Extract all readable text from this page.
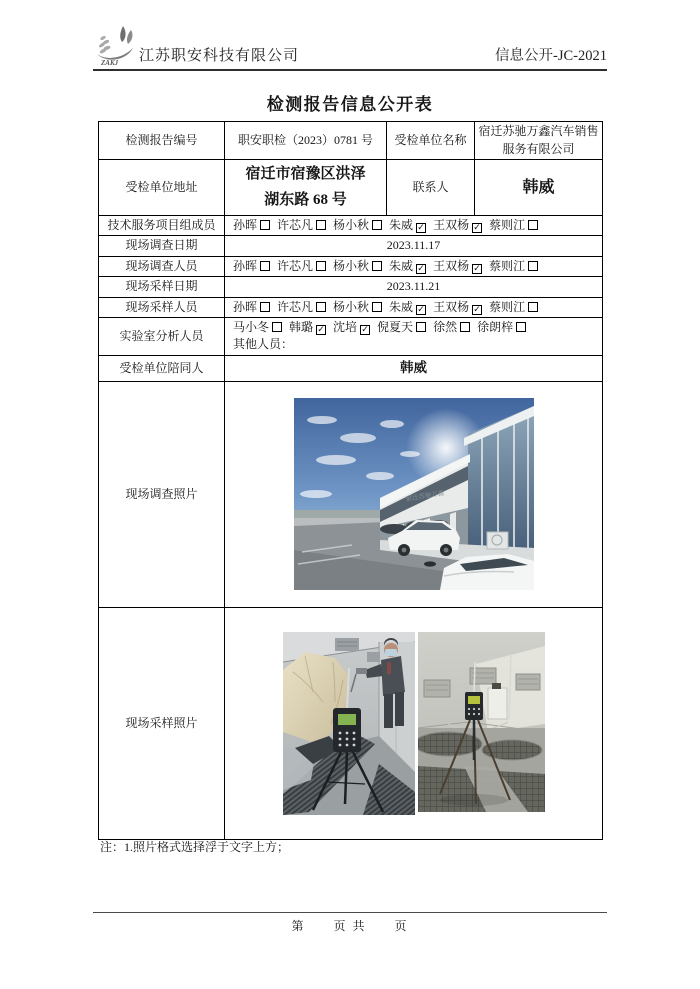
ZAKJ 江苏职安科技有限公司	信息公开-JC-2021
检测报告信息公开表
检测报告编号	职安职检（2023）0781 号	受检单位名称	宿迁苏驰万鑫汽车销售服务有限公司
受检单位地址	宿迁市宿豫区洪泽湖东路 68 号	联系人	韩威
技术服务项目组成员	孙晖 许芯凡 杨小秋 朱威 ✓ 王双杨 ✓ 蔡则江		
现场调查日期	2023.11.17		
现场调查人员	孙晖 许芯凡 杨小秋 朱威 ✓ 王双杨 ✓ 蔡则江		
现场采样日期	2023.11.21		
现场采样人员	孙晖 许芯凡 杨小秋 朱威 ✓ 王双杨 ✓ 蔡则江		
实验室分析人员	马小冬 韩璐 ✓ 沈培 ✓ 倪夏天 徐然 徐朗梓
其他人员：		

受检单位陪同人	韩威		
现场调查照片	宿迁苏驰万鑫		

现场采样照片	
注：1.照片格式选择浮于文字上方；
第　　页 共　　页
